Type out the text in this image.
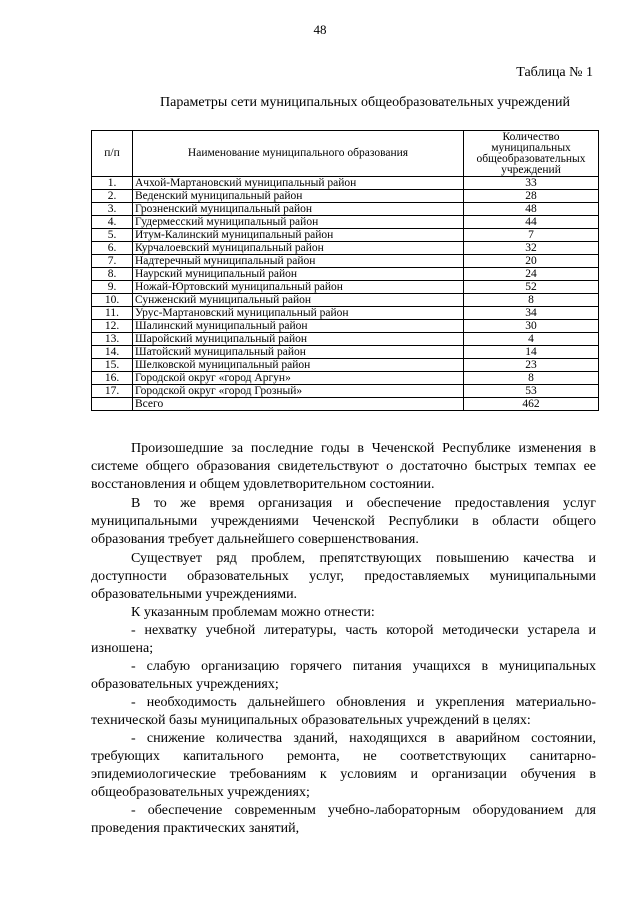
48
Таблица № 1
Параметры сети муниципальных общеобразовательных учреждений
п/п	Наименование муниципального образования	Количество муниципальных общеобразовательных учреждений
1.	Ачхой-Мартановский муниципальный район	33
2.	Веденский муниципальный район	28
3.	Грозненский муниципальный район	48
4.	Гудермесский муниципальный район	44
5.	Итум-Калинский муниципальный район	7
6.	Курчалоевский муниципальный район	32
7.	Надтеречный муниципальный район	20
8.	Наурский муниципальный район	24
9.	Ножай-Юртовский муниципальный район	52
10.	Сунженский муниципальный район	8
11.	Урус-Мартановский муниципальный район	34
12.	Шалинский муниципальный район	30
13.	Шаройский муниципальный район	4
14.	Шатойский муниципальный район	14
15.	Шелковской муниципальный район	23
16.	Городской округ «город Аргун»	8
17.	Городской округ «город Грозный»	53
	Всего	462

Произошедшие за последние годы в Чеченской Республике изменения в системе общего образования свидетельствуют о достаточно быстрых темпах ее восстановления и общем удовлетворительном состоянии.

В то же время организация и обеспечение предоставления услуг муниципальными учреждениями Чеченской Республики в области общего образования требует дальнейшего совершенствования.

Существует ряд проблем, препятствующих повышению качества и доступности образовательных услуг, предоставляемых муниципальными образовательными учреждениями.

К указанным проблемам можно отнести:

- нехватку учебной литературы, часть которой методически устарела и изношена;

- слабую организацию горячего питания учащихся в муниципальных образовательных учреждениях;

- необходимость дальнейшего обновления и укрепления материально-технической базы муниципальных образовательных учреждений в целях:

- снижение количества зданий, находящихся в аварийном состоянии, требующих капитального ремонта, не соответствующих санитарно-эпидемиологические требованиям к условиям и организации обучения в общеобразовательных учреждениях;

- обеспечение современным учебно-лабораторным оборудованием для проведения практических занятий,
